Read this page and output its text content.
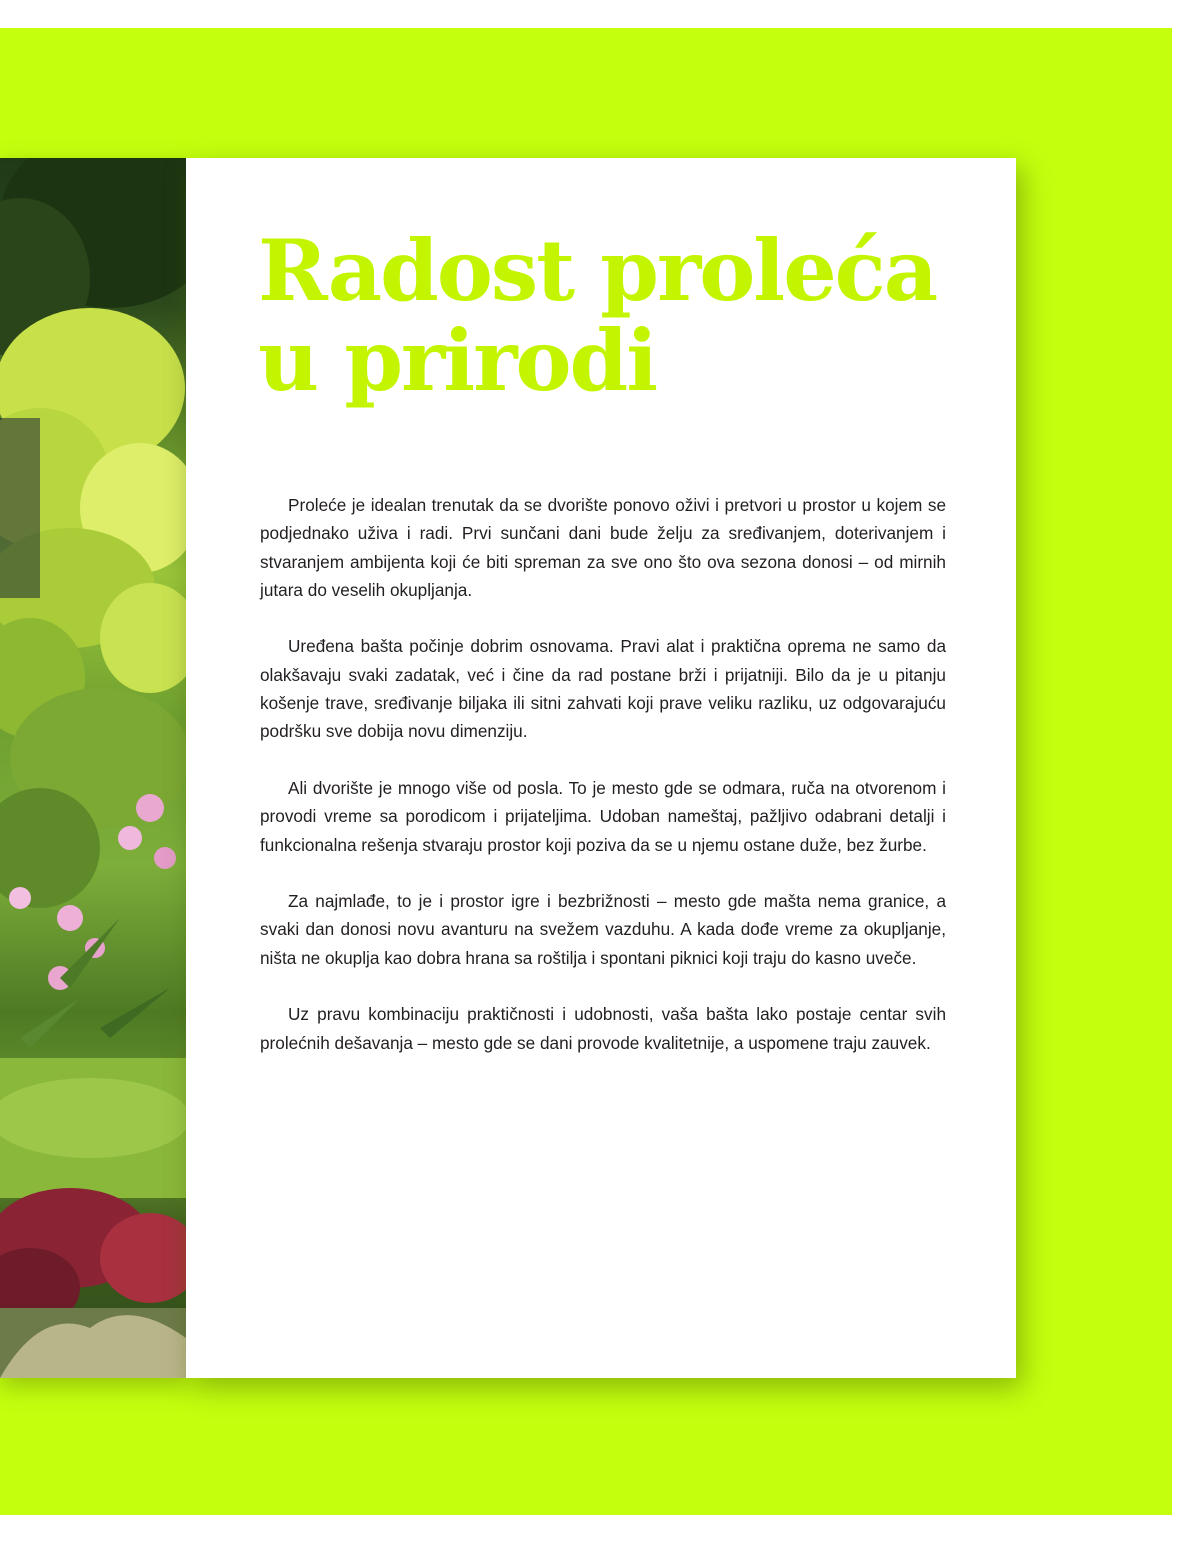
Radost proleća
u prirodi

Proleće je idealan trenutak da se dvorište ponovo oživi i pretvori u prostor u kojem se podjednako uživa i radi. Prvi sunčani dani bude želju za sređivanjem, doterivanjem i stvaranjem ambijenta koji će biti spreman za sve ono što ova sezona donosi – od mirnih jutara do veselih okupljanja.

Uređena bašta počinje dobrim osnovama. Pravi alat i praktična oprema ne samo da olakšavaju svaki zadatak, već i čine da rad postane brži i prijatniji. Bilo da je u pitanju košenje trave, sređivanje biljaka ili sitni zahvati koji prave veliku razliku, uz odgovarajuću podršku sve dobija novu dimenziju.

Ali dvorište je mnogo više od posla. To je mesto gde se odmara, ruča na otvorenom i provodi vreme sa porodicom i prijateljima. Udoban nameštaj, pažljivo odabrani detalji i funkcionalna rešenja stvaraju prostor koji poziva da se u njemu ostane duže, bez žurbe.

Za najmlađe, to je i prostor igre i bezbrižnosti – mesto gde mašta nema granice, a svaki dan donosi novu avanturu na svežem vazduhu. A kada dođe vreme za okupljanje, ništa ne okuplja kao dobra hrana sa roštilja i spontani piknici koji traju do kasno uveče.

Uz pravu kombinaciju praktičnosti i udobnosti, vaša bašta lako postaje centar svih prolećnih dešavanja – mesto gde se dani provode kvalitetnije, a uspomene traju zauvek.
